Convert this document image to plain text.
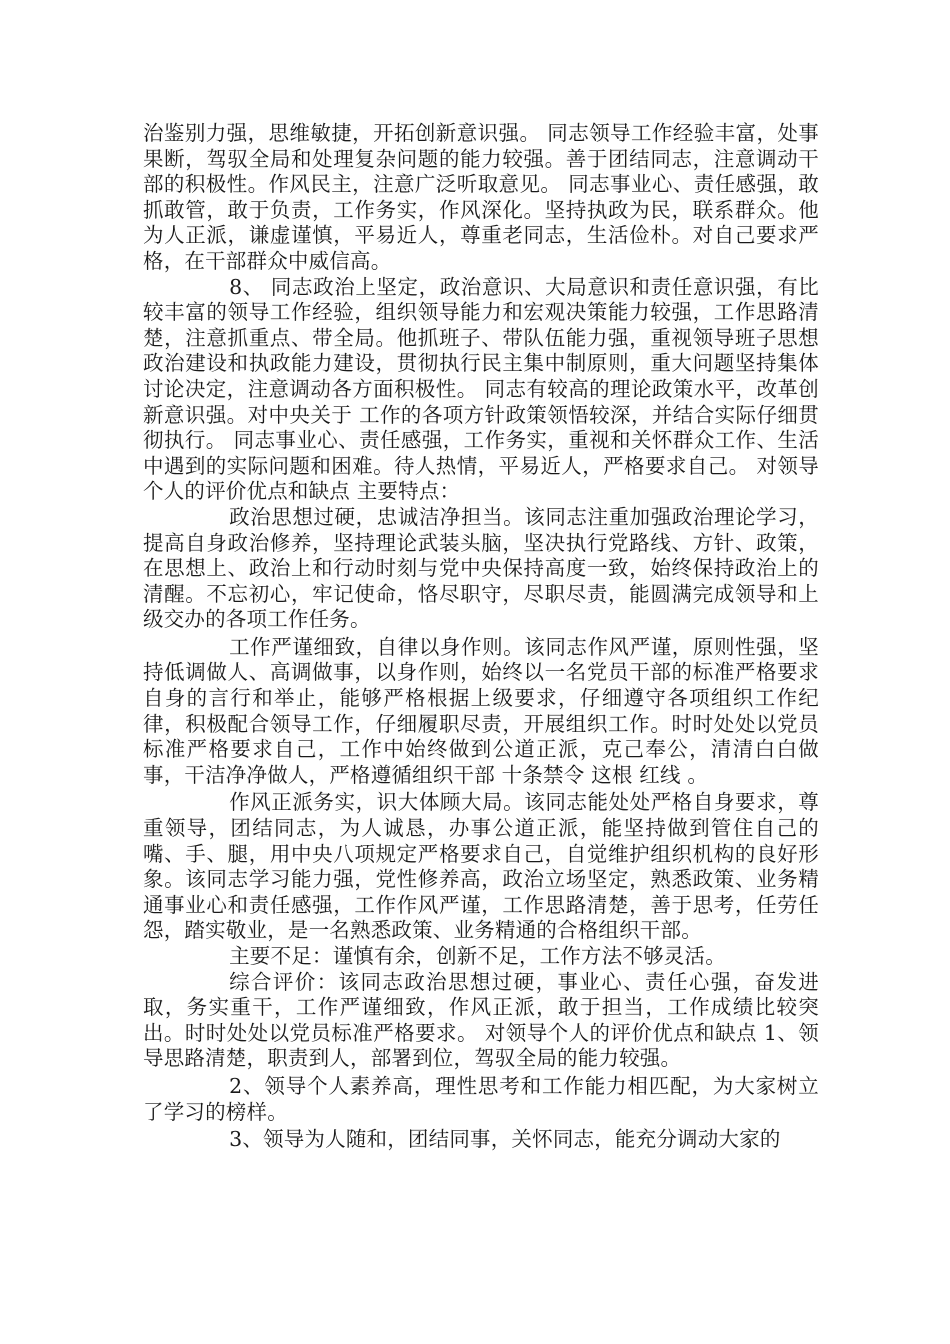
治鉴别力强，思维敏捷，开拓创新意识强。 同志领导工作经验丰富，处事果断，驾驭全局和处理复杂问题的能力较强。善于团结同志，注意调动干部的积极性。作风民主，注意广泛听取意见。 同志事业心、责任感强，敢抓敢管，敢于负责，工作务实，作风深化。坚持执政为民，联系群众。他为人正派，谦虚谨慎，平易近人，尊重老同志，生活俭朴。对自己要求严格，在干部群众中威信高。

8、 同志政治上坚定，政治意识、大局意识和责任意识强，有比较丰富的领导工作经验，组织领导能力和宏观决策能力较强，工作思路清楚，注意抓重点、带全局。他抓班子、带队伍能力强，重视领导班子思想政治建设和执政能力建设，贯彻执行民主集中制原则，重大问题坚持集体讨论决定，注意调动各方面积极性。 同志有较高的理论政策水平，改革创新意识强。对中央关于 工作的各项方针政策领悟较深，并结合实际仔细贯彻执行。 同志事业心、责任感强，工作务实，重视和关怀群众工作、生活中遇到的实际问题和困难。待人热情，平易近人，严格要求自己。 对领导个人的评价优点和缺点 主要特点：

政治思想过硬，忠诚洁净担当。该同志注重加强政治理论学习，提高自身政治修养，坚持理论武装头脑，坚决执行党路线、方针、政策，在思想上、政治上和行动时刻与党中央保持高度一致，始终保持政治上的清醒。不忘初心，牢记使命，恪尽职守，尽职尽责，能圆满完成领导和上级交办的各项工作任务。

工作严谨细致，自律以身作则。该同志作风严谨，原则性强，坚持低调做人、高调做事，以身作则，始终以一名党员干部的标准严格要求自身的言行和举止，能够严格根据上级要求，仔细遵守各项组织工作纪律，积极配合领导工作，仔细履职尽责，开展组织工作。时时处处以党员标准严格要求自己，工作中始终做到公道正派，克己奉公，清清白白做事，干洁净净做人，严格遵循组织干部 十条禁令 这根 红线 。

作风正派务实，识大体顾大局。该同志能处处严格自身要求，尊重领导，团结同志，为人诚恳，办事公道正派，能坚持做到管住自己的嘴、手、腿，用中央八项规定严格要求自己，自觉维护组织机构的良好形象。该同志学习能力强，党性修养高，政治立场坚定，熟悉政策、业务精通事业心和责任感强，工作作风严谨，工作思路清楚，善于思考，任劳任怨，踏实敬业，是一名熟悉政策、业务精通的合格组织干部。

主要不足：谨慎有余，创新不足，工作方法不够灵活。

综合评价：该同志政治思想过硬，事业心、责任心强，奋发进取，务实重干，工作严谨细致，作风正派，敢于担当，工作成绩比较突出。时时处处以党员标准严格要求。 对领导个人的评价优点和缺点 1、领导思路清楚，职责到人，部署到位，驾驭全局的能力较强。

2、领导个人素养高，理性思考和工作能力相匹配，为大家树立了学习的榜样。

3、领导为人随和，团结同事，关怀同志，能充分调动大家的
